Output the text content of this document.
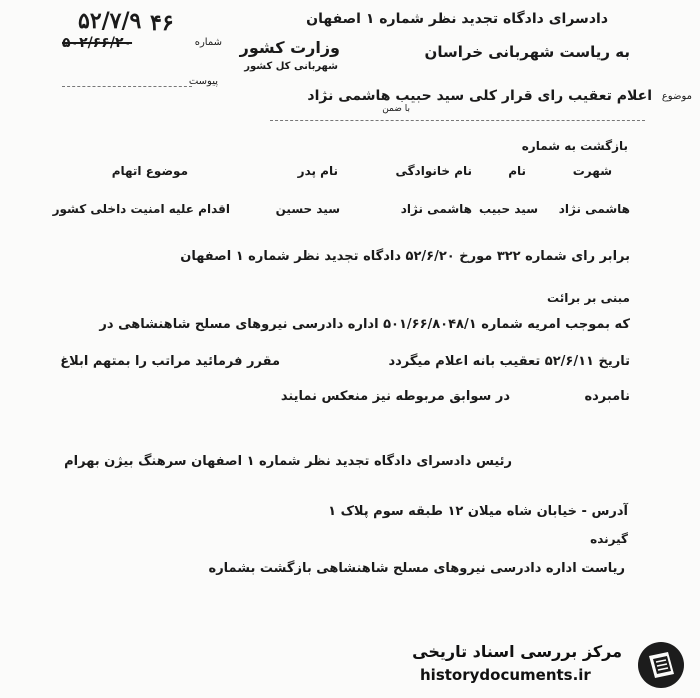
دادسرای دادگاه تجدید نظر شماره ۱ اصفهان
۴۶
۵۲/۷/۹
به ریاست شهربانی خراسان
وزارت کشور
شهربانی کل کشور
شماره
۵۰۲/۶۶/۲۰
پیوست
موضوع
اعلام تعقیب رای قرار کلی سید حبیب هاشمی نژاد
با ضمن
بازگشت به شماره
شهرت
نام
نام خانوادگی
نام پدر
موضوع اتهام
هاشمی نژاد
سید حبیب
هاشمی نژاد
سید حسین
اقدام علیه امنیت داخلی کشور
برابر رای شماره ۳۲۲ مورخ ۵۲/۶/۲۰ دادگاه تجدید نظر شماره ۱ اصفهان
مبنی بر برائت
که بموجب امریه شماره ۵۰۱/۶۶/۸۰۴۸/۱ اداره دادرسی نیروهای مسلح شاهنشاهی در
تاریخ ۵۲/۶/۱۱ تعقیب بانه اعلام میگردد
مقرر فرمائید مراتب را بمتهم ابلاغ
نامبرده
در سوابق مربوطه نیز منعکس نمایند
رئیس دادسرای دادگاه تجدید نظر شماره ۱ اصفهان سرهنگ بیژن بهرام
آدرس - خیابان شاه میلان ۱۲ طبقه سوم پلاک ۱
گیرنده
ریاست اداره دادرسی نیروهای مسلح شاهنشاهی بازگشت بشماره
مرکز بررسی اسناد تاریخی
historydocuments.ir
